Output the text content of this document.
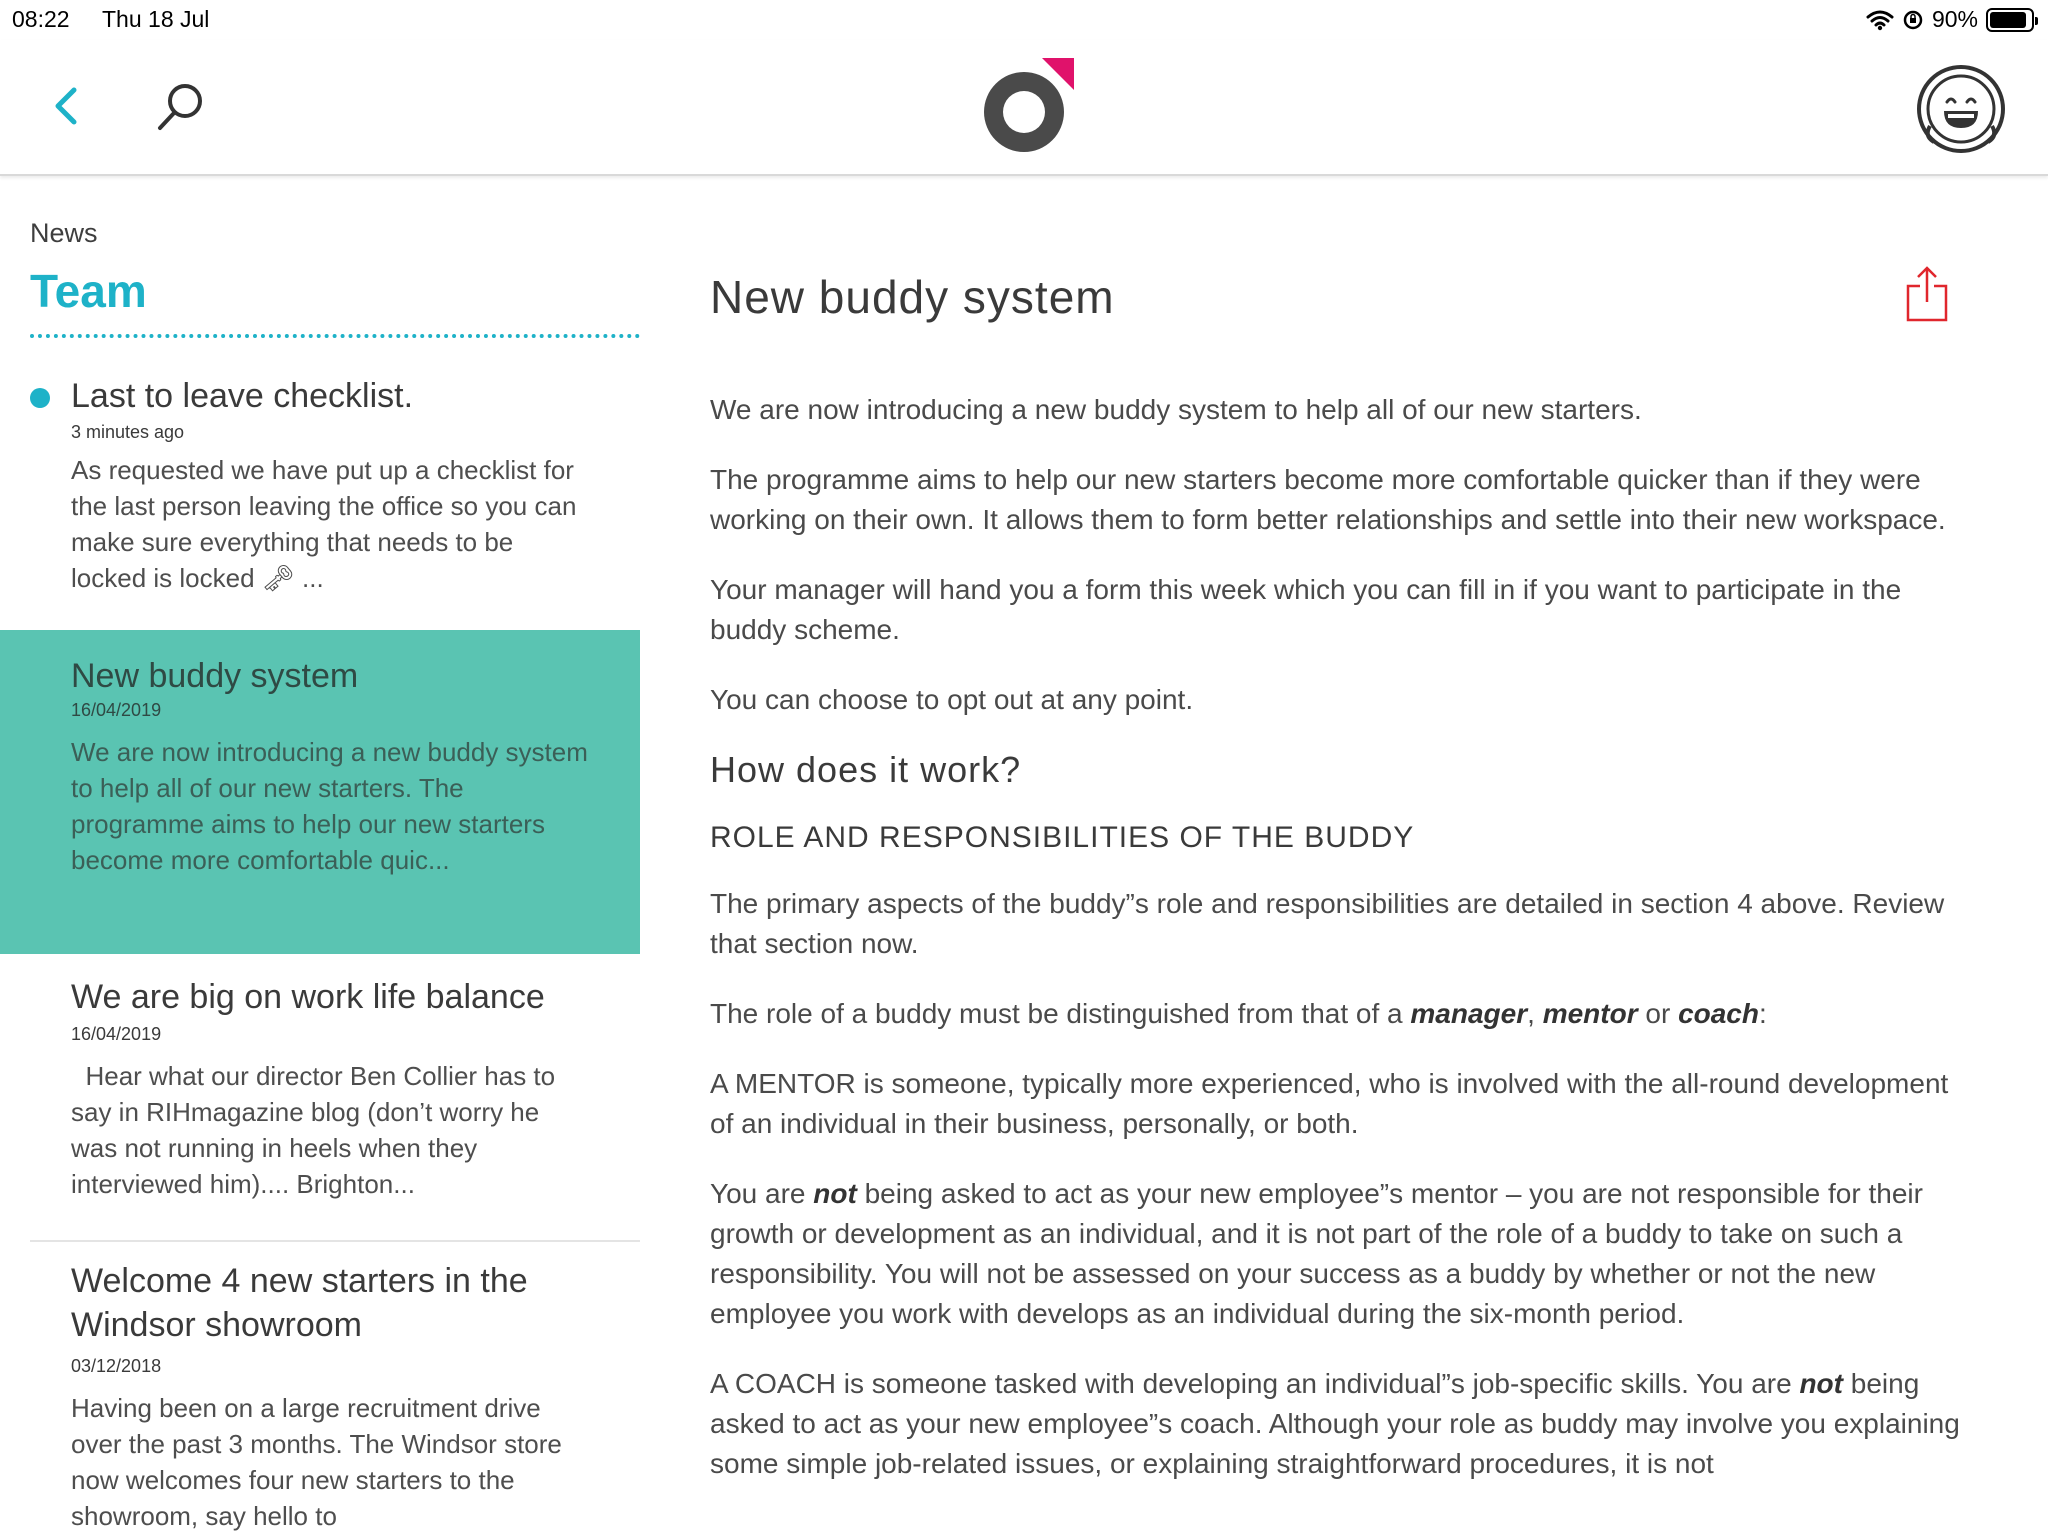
08:22 Thu 18 Jul	90%
News
Team
Last to leave checklist.
3 minutes ago
As requested we have put up a checklist for the last person leaving the office so you can make sure everything that needs to be locked is locked 🗝 ...
New buddy system
16/04/2019
We are now introducing a new buddy system to help all of our new starters. The programme aims to help our new starters become more comfortable quic...
We are big on work life balance
16/04/2019
Hear what our director Ben Collier has to say in RIHmagazine blog (don’t worry he was not running in heels when they interviewed him).... Brighton...
Welcome 4 new starters in the Windsor showroom
03/12/2018
Having been on a large recruitment drive over the past 3 months. The Windsor store now welcomes four new starters to the showroom, say hello to
New buddy system

We are now introducing a new buddy system to help all of our new starters.

The programme aims to help our new starters become more comfortable quicker than if they were working on their own. It allows them to form better relationships and settle into their new workspace.

Your manager will hand you a form this week which you can fill in if you want to participate in the buddy scheme.

You can choose to opt out at any point.

How does it work?
ROLE AND RESPONSIBILITIES OF THE BUDDY

The primary aspects of the buddy”s role and responsibilities are detailed in section 4 above. Review that section now.

The role of a buddy must be distinguished from that of a manager, mentor or coach:

A MENTOR is someone, typically more experienced, who is involved with the all-round development of an individual in their business, personally, or both.

You are not being asked to act as your new employee”s mentor – you are not responsible for their growth or development as an individual, and it is not part of the role of a buddy to take on such a responsibility. You will not be assessed on your success as a buddy by whether or not the new employee you work with develops as an individual during the six-month period.

A COACH is someone tasked with developing an individual”s job-specific skills. You are not being asked to act as your new employee”s coach. Although your role as buddy may involve you explaining some simple job-related issues, or explaining straightforward procedures, it is not
